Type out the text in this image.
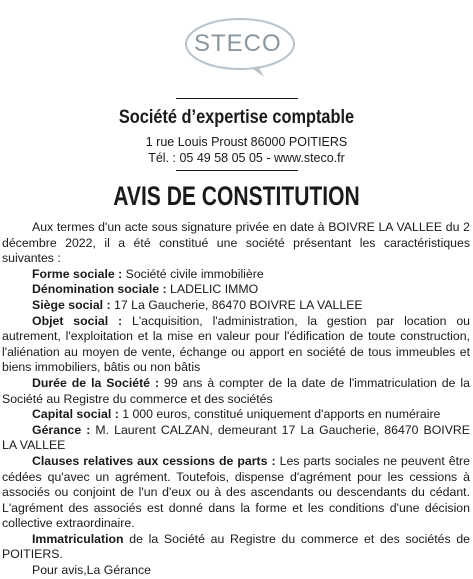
STECO
Société d’expertise comptable
1 rue Louis Proust 86000 POITIERS
Tél. : 05 49 58 05 05 - www.steco.fr
AVIS DE CONSTITUTION

Aux termes d'un acte sous signature privée en date à BOIVRE LA VALLEE du 2 décembre 2022, il a été constitué une société présentant les caractéristiques suivantes :

Forme sociale : Société civile immobilière

Dénomination sociale : LADELIC IMMO

Siège social : 17 La Gaucherie, 86470 BOIVRE LA VALLEE

Objet social : L'acquisition, l'administration, la gestion par location ou autrement, l'exploitation et la mise en valeur pour l'édification de toute construction, l'aliénation au moyen de vente, échange ou apport en société de tous immeubles et biens immobiliers, bâtis ou non bâtis

Durée de la Société : 99 ans à compter de la date de l'immatriculation de la Société au Registre du commerce et des sociétés

Capital social : 1 000 euros, constitué uniquement d'apports en numéraire

Gérance : M. Laurent CALZAN, demeurant 17 La Gaucherie, 86470 BOIVRE LA VALLEE

Clauses relatives aux cessions de parts : Les parts sociales ne peuvent être cédées qu'avec un agrément. Toutefois, dispense d'agrément pour les cessions à associés ou conjoint de l'un d'eux ou à des ascendants ou descendants du cédant. L'agrément des associés est donné dans la forme et les conditions d'une décision collective extraordinaire.

Immatriculation de la Société au Registre du commerce et des sociétés de POITIERS.

Pour avis,La Gérance
